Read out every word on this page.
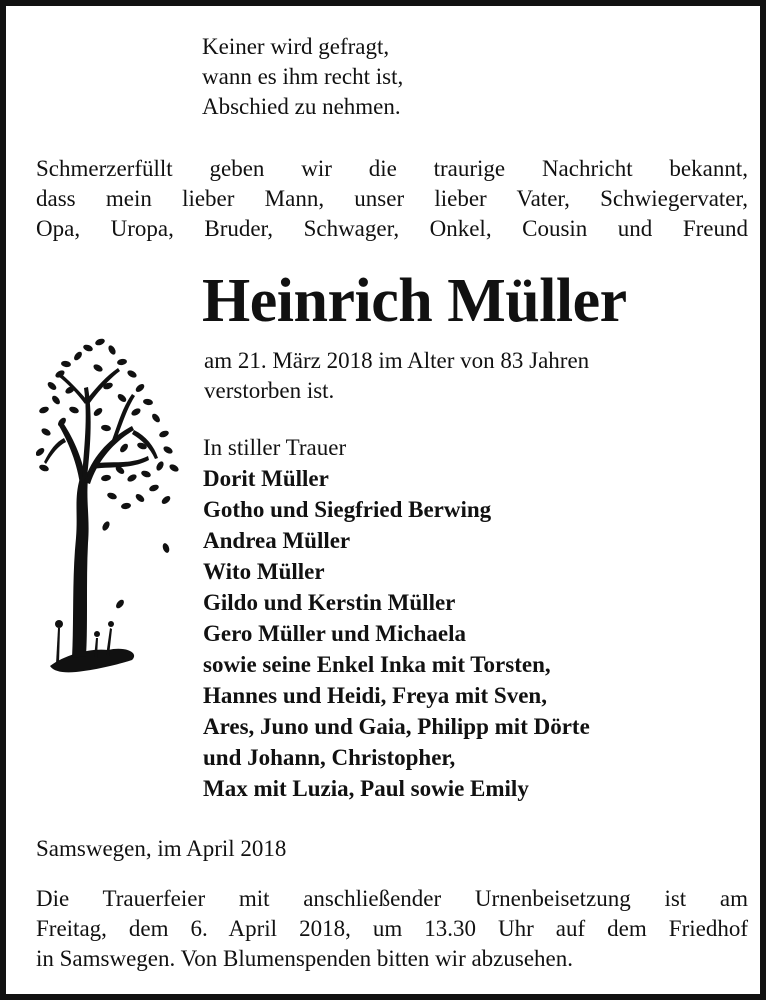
Keiner wird gefragt,
wann es ihm recht ist,
Abschied zu nehmen.
Schmerzerfüllt geben wir die traurige Nachricht bekannt,
dass mein lieber Mann, unser lieber Vater, Schwiegervater,
Opa, Uropa, Bruder, Schwager, Onkel, Cousin und Freund
Heinrich Müller
am 21. März 2018 im Alter von 83 Jahren
verstorben ist.
In stiller Trauer
Dorit Müller
Gotho und Siegfried Berwing
Andrea Müller
Wito Müller
Gildo und Kerstin Müller
Gero Müller und Michaela
sowie seine Enkel Inka mit Torsten,
Hannes und Heidi, Freya mit Sven,
Ares, Juno und Gaia, Philipp mit Dörte
und Johann, Christopher,
Max mit Luzia, Paul sowie Emily
Samswegen, im April 2018
Die Trauerfeier mit anschließender Urnenbeisetzung ist am
Freitag, dem 6. April 2018, um 13.30 Uhr auf dem Friedhof
in Samswegen. Von Blumenspenden bitten wir abzusehen.
